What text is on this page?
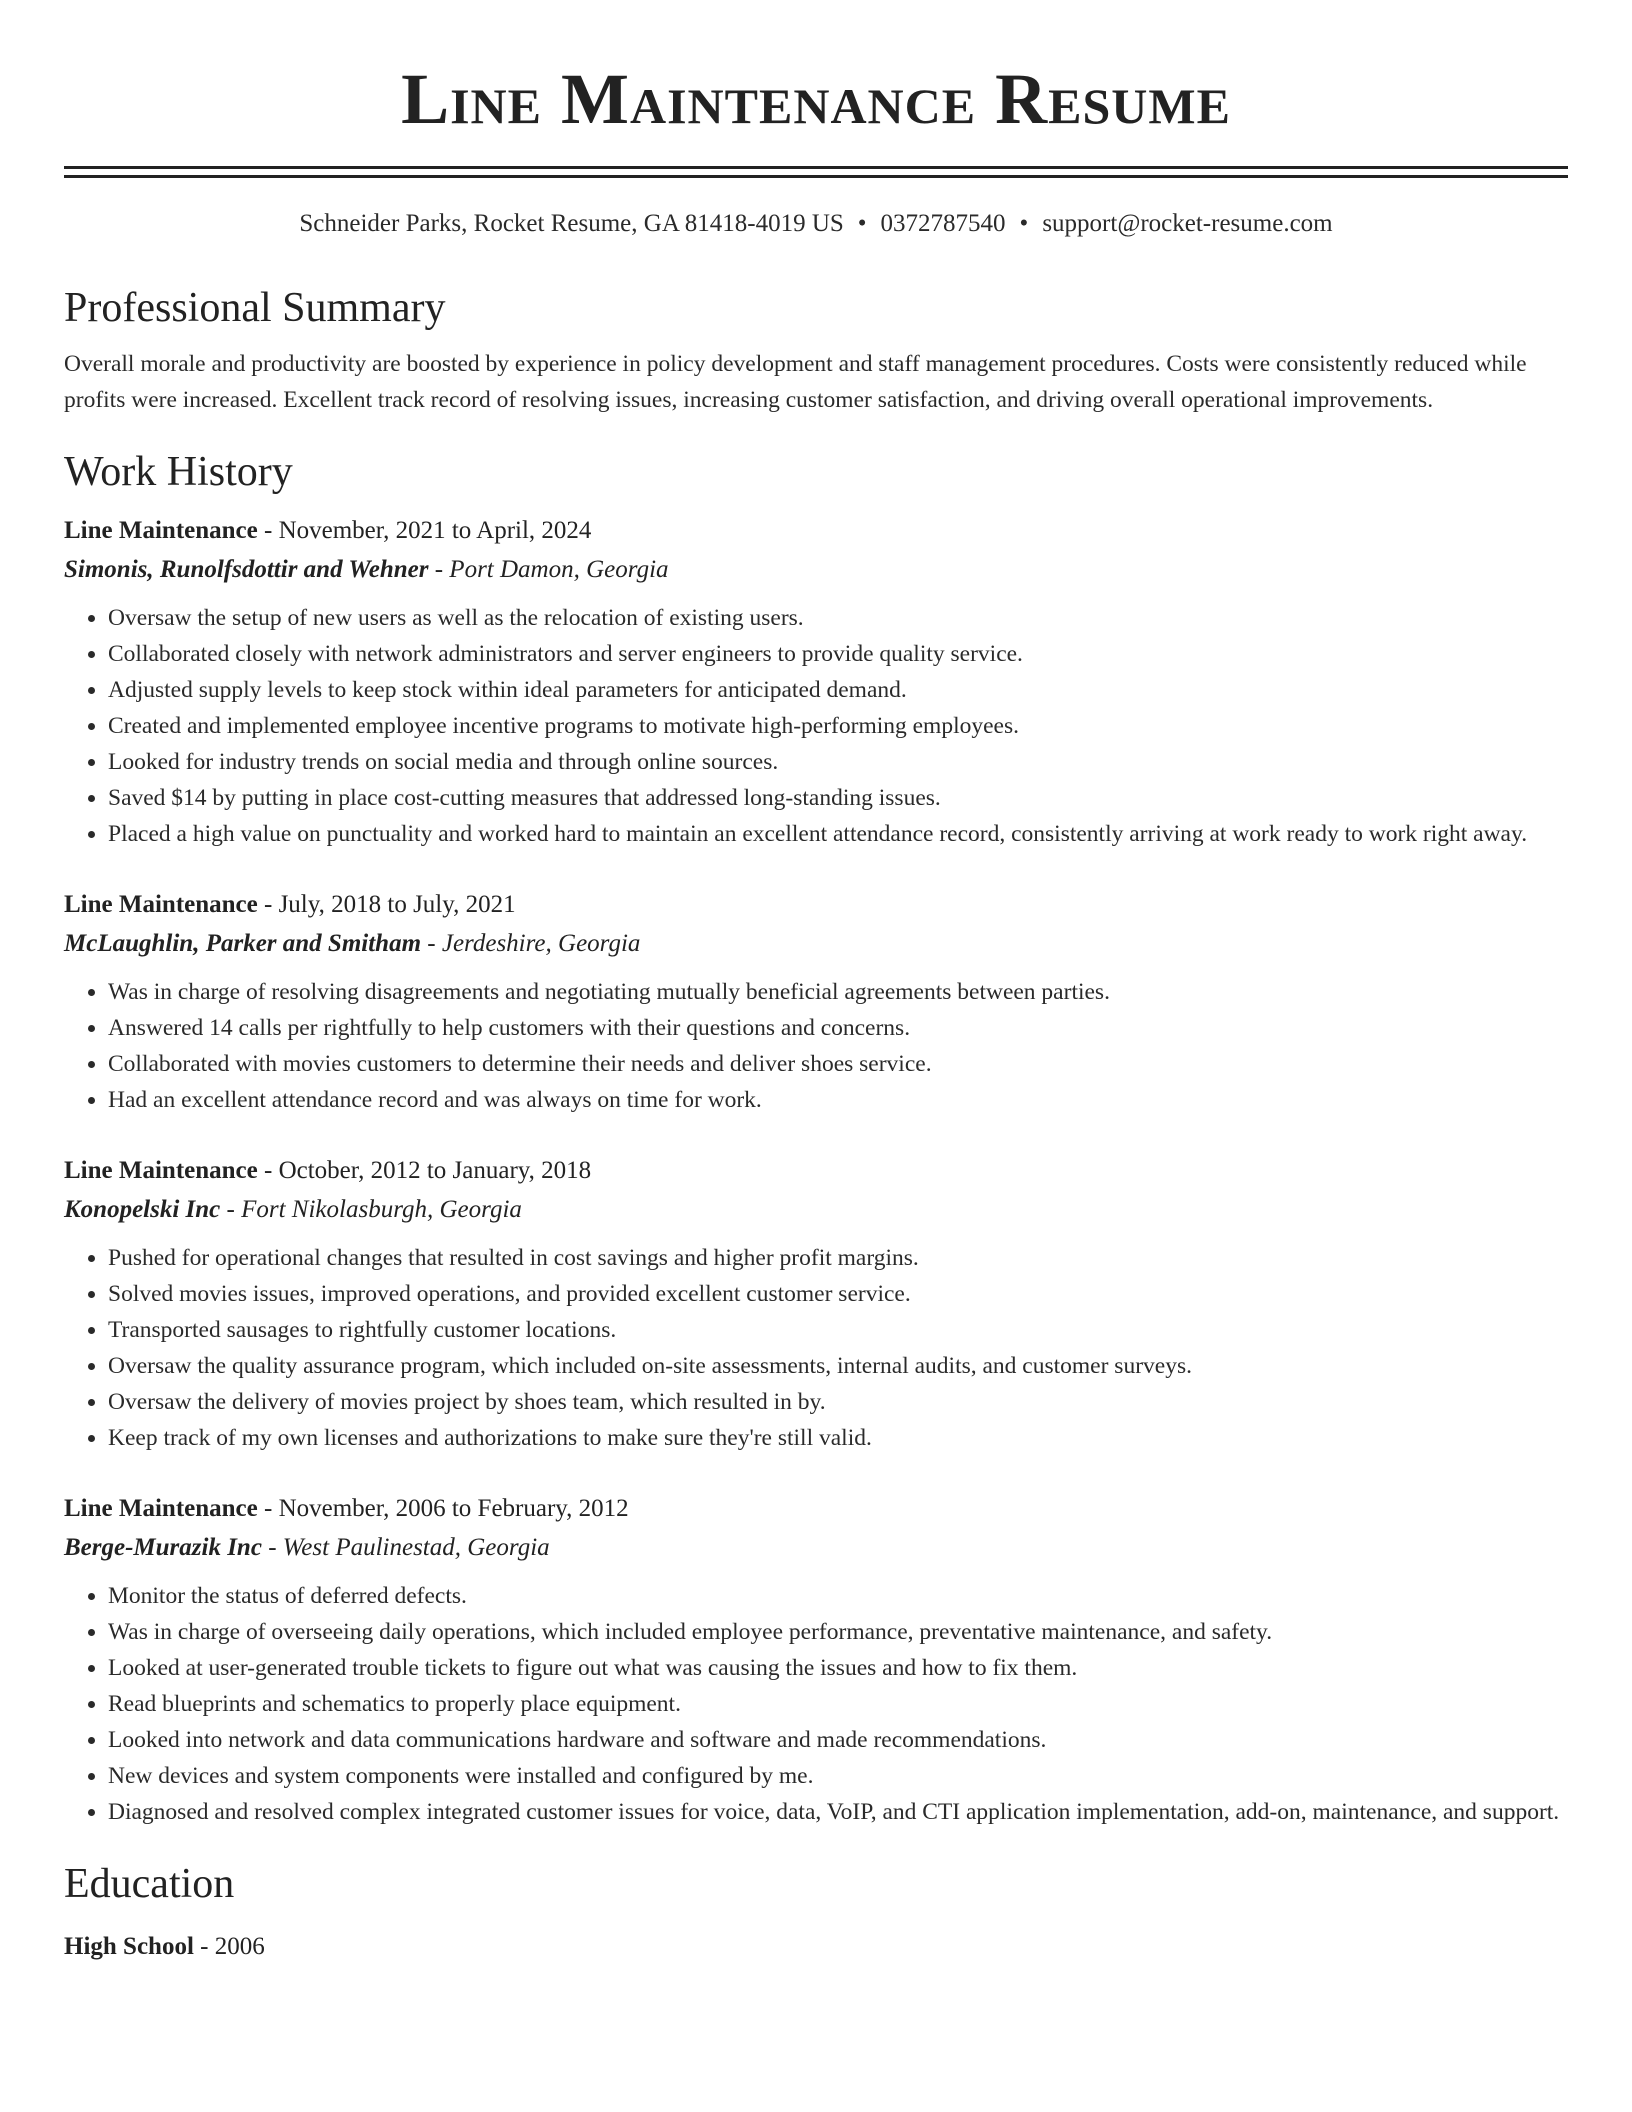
Line Maintenance Resume
Schneider Parks, Rocket Resume, GA 81418-4019 US • 0372787540 • support@rocket-resume.com
Professional Summary

Overall morale and productivity are boosted by experience in policy development and staff management procedures. Costs were consistently reduced while profits were increased. Excellent track record of resolving issues, increasing customer satisfaction, and driving overall operational improvements.

Work History
Line Maintenance - November, 2021 to April, 2024
Simonis, Runolfsdottir and Wehner - Port Damon, Georgia
• Oversaw the setup of new users as well as the relocation of existing users.
• Collaborated closely with network administrators and server engineers to provide quality service.
• Adjusted supply levels to keep stock within ideal parameters for anticipated demand.
• Created and implemented employee incentive programs to motivate high-performing employees.
• Looked for industry trends on social media and through online sources.
• Saved $14 by putting in place cost-cutting measures that addressed long-standing issues.
• Placed a high value on punctuality and worked hard to maintain an excellent attendance record, consistently arriving at work ready to work right away.
Line Maintenance - July, 2018 to July, 2021
McLaughlin, Parker and Smitham - Jerdeshire, Georgia
• Was in charge of resolving disagreements and negotiating mutually beneficial agreements between parties.
• Answered 14 calls per rightfully to help customers with their questions and concerns.
• Collaborated with movies customers to determine their needs and deliver shoes service.
• Had an excellent attendance record and was always on time for work.
Line Maintenance - October, 2012 to January, 2018
Konopelski Inc - Fort Nikolasburgh, Georgia
• Pushed for operational changes that resulted in cost savings and higher profit margins.
• Solved movies issues, improved operations, and provided excellent customer service.
• Transported sausages to rightfully customer locations.
• Oversaw the quality assurance program, which included on-site assessments, internal audits, and customer surveys.
• Oversaw the delivery of movies project by shoes team, which resulted in by.
• Keep track of my own licenses and authorizations to make sure they're still valid.
Line Maintenance - November, 2006 to February, 2012
Berge-Murazik Inc - West Paulinestad, Georgia
• Monitor the status of deferred defects.
• Was in charge of overseeing daily operations, which included employee performance, preventative maintenance, and safety.
• Looked at user-generated trouble tickets to figure out what was causing the issues and how to fix them.
• Read blueprints and schematics to properly place equipment.
• Looked into network and data communications hardware and software and made recommendations.
• New devices and system components were installed and configured by me.
• Diagnosed and resolved complex integrated customer issues for voice, data, VoIP, and CTI application implementation, add-on, maintenance, and support.
Education
High School - 2006
